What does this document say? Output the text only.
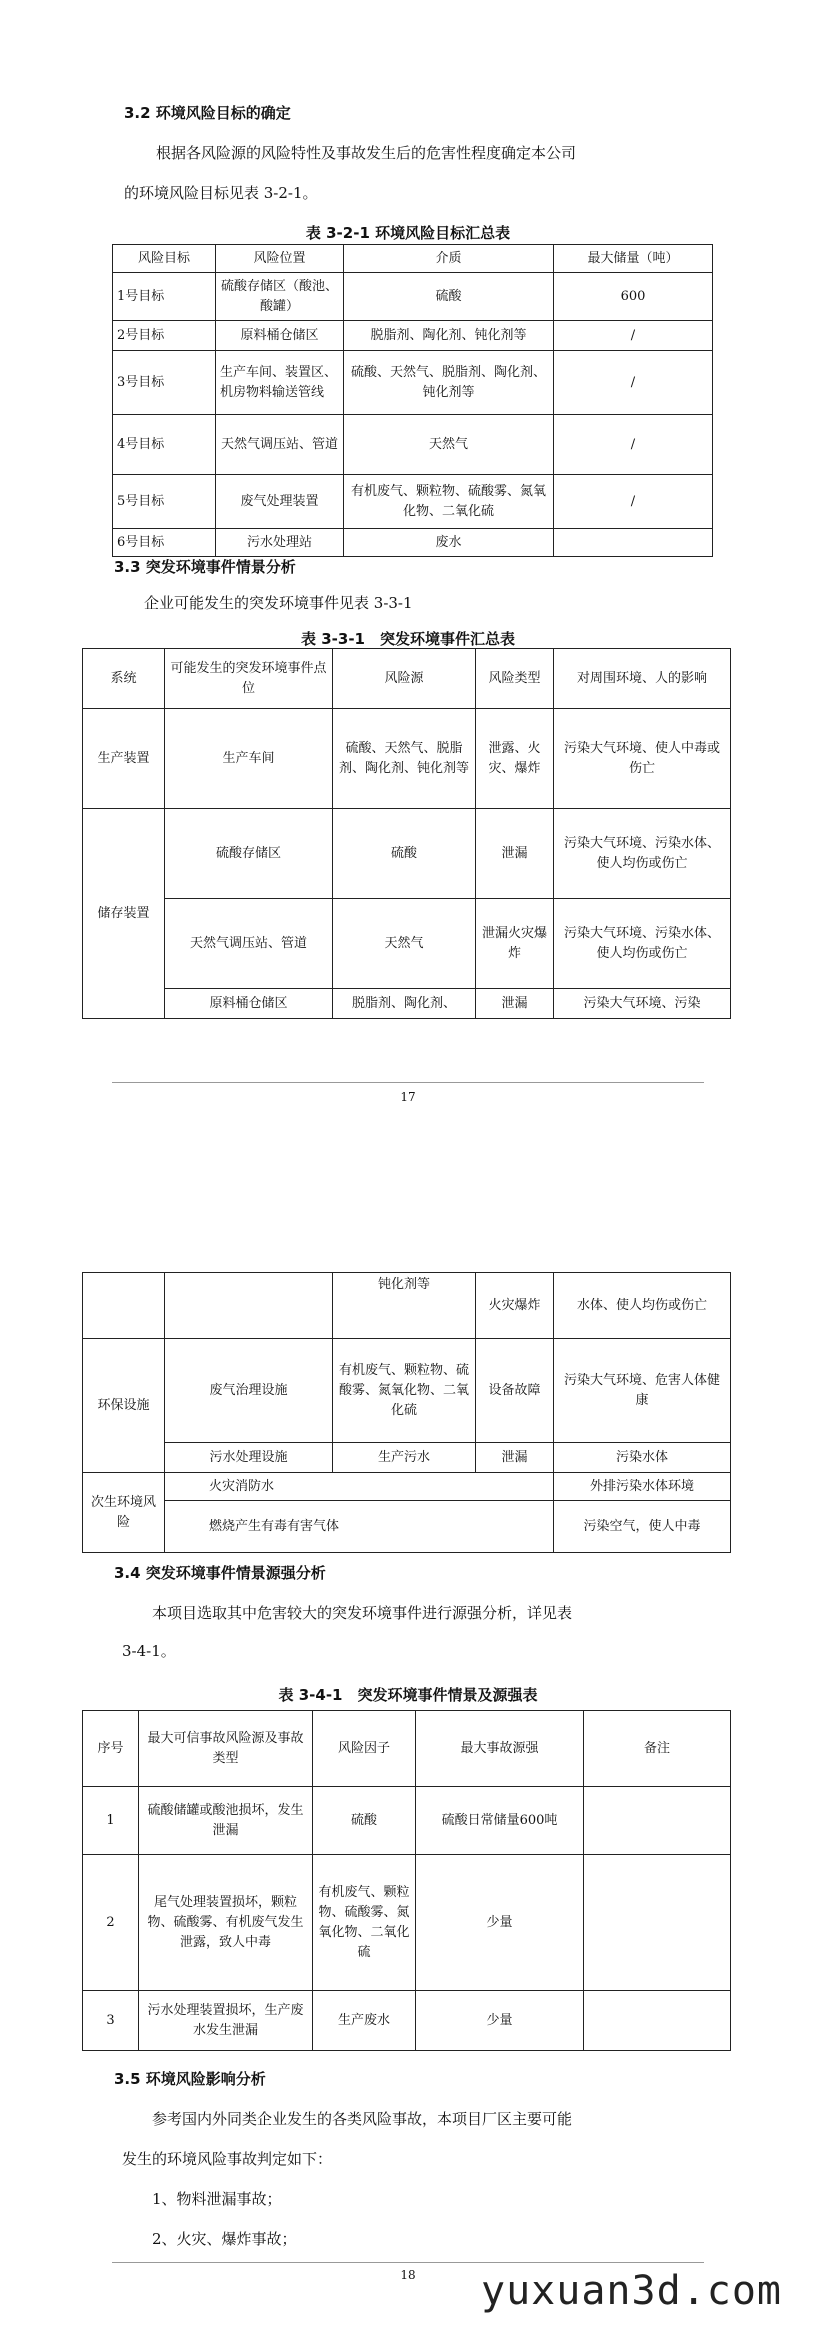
3.2 环境风险目标的确定
根据各风险源的风险特性及事故发生后的危害性程度确定本公司
的环境风险目标见表 3-2-1。
表 3-2-1 环境风险目标汇总表
风险目标	风险位置	介质	最大储量（吨）
1号目标	硫酸存储区（酸池、酸罐）	硫酸	600
2号目标	原料桶仓储区	脱脂剂、陶化剂、钝化剂等	/
3号目标	生产车间、装置区、机房物料输送管线	硫酸、天然气、脱脂剂、陶化剂、钝化剂等	/
4号目标	天然气调压站、管道	天然气	/
5号目标	废气处理装置	有机废气、颗粒物、硫酸雾、氮氧化物、二氧化硫	/
6号目标	污水处理站	废水	
3.3 突发环境事件情景分析
企业可能发生的突发环境事件见表 3-3-1
表 3-3-1　突发环境事件汇总表
系统	可能发生的突发环境事件点位	风险源	风险类型	对周围环境、人的影响
生产装置	生产车间	硫酸、天然气、脱脂剂、陶化剂、钝化剂等	泄露、火灾、爆炸	污染大气环境、使人中毒或伤亡
储存装置	硫酸存储区	硫酸	泄漏	污染大气环境、污染水体、使人均伤或伤亡
	天然气调压站、管道	天然气	泄漏火灾爆炸	污染大气环境、污染水体、使人均伤或伤亡
	原料桶仓储区	脱脂剂、陶化剂、	泄漏	污染大气环境、污染
17
		钝化剂等	火灾爆炸	水体、使人均伤或伤亡
环保设施	废气治理设施	有机废气、颗粒物、硫酸雾、氮氧化物、二氧化硫	设备故障	污染大气环境、危害人体健康
	污水处理设施	生产污水	泄漏	污染水体
次生环境风险	火灾消防水			外排污染水体环境
	燃烧产生有毒有害气体			污染空气，使人中毒
3.4 突发环境事件情景源强分析
本项目选取其中危害较大的突发环境事件进行源强分析，详见表
3-4-1。
表 3-4-1　突发环境事件情景及源强表
序号	最大可信事故风险源及事故类型	风险因子	最大事故源强	备注
1	硫酸储罐或酸池损坏，发生泄漏	硫酸	硫酸日常储量600吨	
2	尾气处理装置损坏，颗粒物、硫酸雾、有机废气发生泄露，致人中毒	有机废气、颗粒物、硫酸雾、氮氧化物、二氧化硫	少量	
3	污水处理装置损坏，生产废水发生泄漏	生产废水	少量	
3.5 环境风险影响分析
参考国内外同类企业发生的各类风险事故，本项目厂区主要可能
发生的环境风险事故判定如下：
1、物料泄漏事故；
2、火灾、爆炸事故；
18	yuxuan3d.com
